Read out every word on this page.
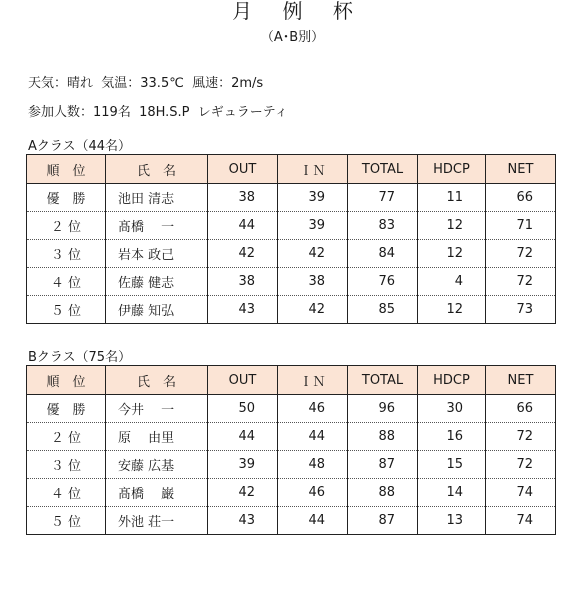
月 例 杯
（A･B別）
天気：晴れ  気温：33.5℃  風速：2m/s
参加人数：119名  18H.S.P  レギュラーティ
Aクラス（44名）
順　位	氏　名	OUT	ＩＮ	TOTAL	HDCP	NET
優　勝	池田 清志	38	39	77	11	66
２ 位	髙橋　 一	44	39	83	12	71
３ 位	岩本 政己	42	42	84	12	72
４ 位	佐藤 健志	38	38	76	4	72
５ 位	伊藤 知弘	43	42	85	12	73
Bクラス（75名）
順　位	氏　名	OUT	ＩＮ	TOTAL	HDCP	NET
優　勝	今井　 一	50	46	96	30	66
２ 位	原　 由里	44	44	88	16	72
３ 位	安藤 広基	39	48	87	15	72
４ 位	髙橋　 巌	42	46	88	14	74
５ 位	外池 荘一	43	44	87	13	74
